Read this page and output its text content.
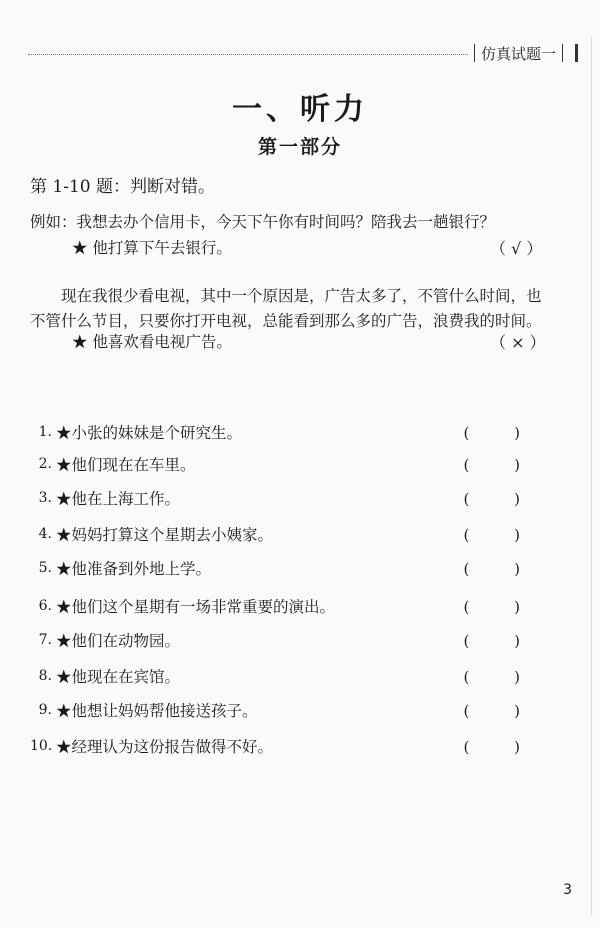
仿真试题一
一、听力
第一部分
第 1-10 题：判断对错。
例如：我想去办个信用卡，今天下午你有时间吗？陪我去一趟银行？
★ 他打算下午去银行。	（ √ ）
　　现在我很少看电视，其中一个原因是，广告太多了，不管什么时间，也
不管什么节目，只要你打开电视，总能看到那么多的广告，浪费我的时间。
★ 他喜欢看电视广告。	（ × ）
1. ★小张的妹妹是个研究生。	( )
2. ★他们现在在车里。	( )
3. ★他在上海工作。	( )
4. ★妈妈打算这个星期去小姨家。	( )
5. ★他准备到外地上学。	( )
6. ★他们这个星期有一场非常重要的演出。	( )
7. ★他们在动物园。	( )
8. ★他现在在宾馆。	( )
9. ★他想让妈妈帮他接送孩子。	( )
10. ★经理认为这份报告做得不好。	( )
3
